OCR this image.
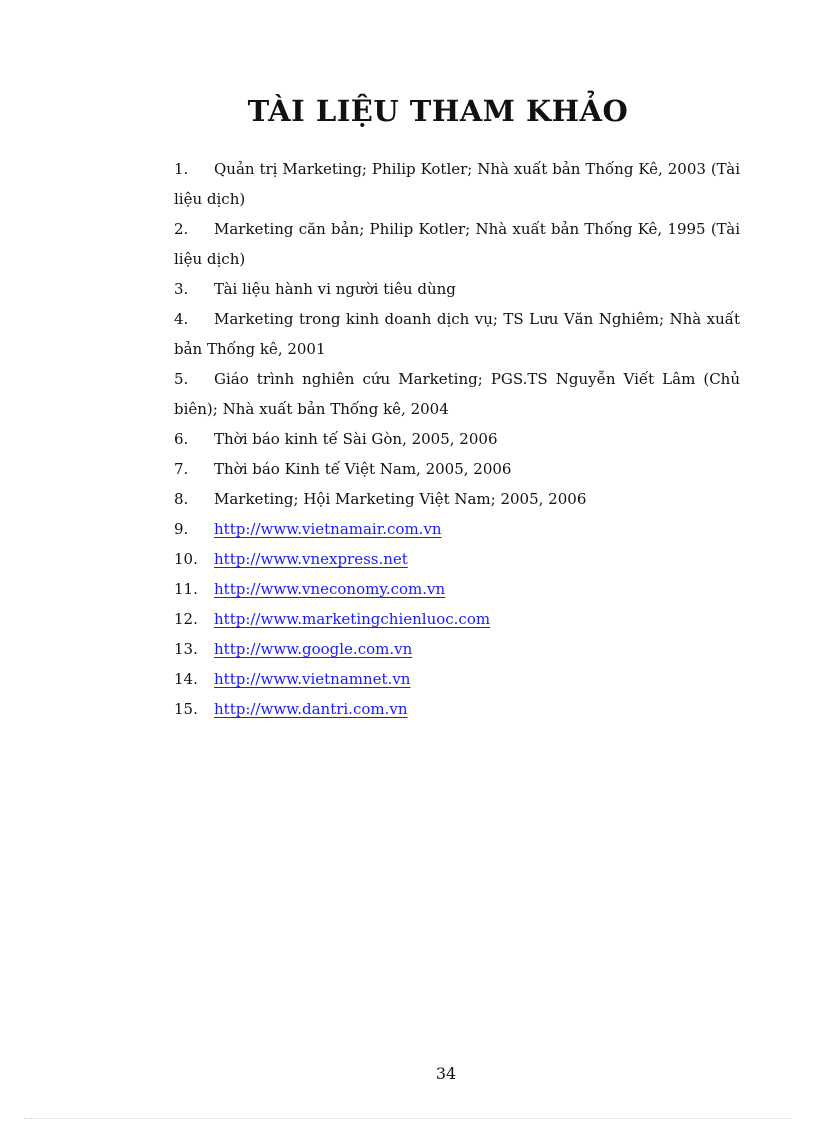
TÀI LIỆU THAM KHẢO
1. Quản trị Marketing; Philip Kotler; Nhà xuất bản Thống Kê, 2003 (Tài liệu dịch)
2. Marketing căn bản; Philip Kotler; Nhà xuất bản Thống Kê, 1995 (Tài liệu dịch)
3. Tài liệu hành vi người tiêu dùng
4. Marketing trong kinh doanh dịch vụ; TS Lưu Văn Nghiêm; Nhà xuất bản Thống kê, 2001
5. Giáo trình nghiên cứu Marketing; PGS.TS Nguyễn Viết Lâm (Chủ biên); Nhà xuất bản Thống kê, 2004
6. Thời báo kinh tế Sài Gòn, 2005, 2006
7. Thời báo Kinh tế Việt Nam, 2005, 2006
8. Marketing; Hội Marketing Việt Nam; 2005, 2006
9. http://www.vietnamair.com.vn
10. http://www.vnexpress.net
11. http://www.vneconomy.com.vn
12. http://www.marketingchienluoc.com
13. http://www.google.com.vn
14. http://www.vietnamnet.vn
15. http://www.dantri.com.vn
34
